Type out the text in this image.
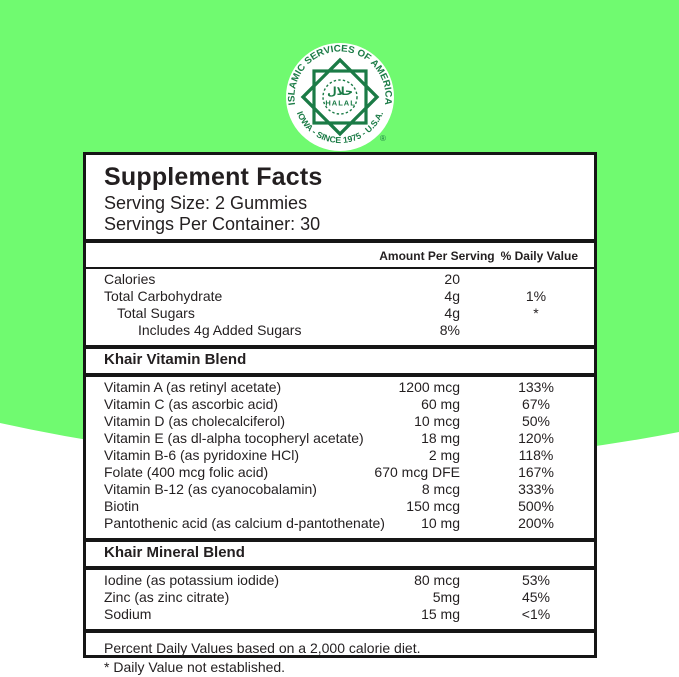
ISLAMIC SERVICES OF AMERICA
IOWA - SINCE 1975 - U.S.A.
حلال
HALAL
®
Supplement Facts
Serving Size: 2 Gummies
Servings Per Container: 30
Amount Per Serving % Daily Value
Calories	20
Total Carbohydrate	4g	1%
Total Sugars	4g	*
Includes 4g Added Sugars	8%
Khair Vitamin Blend
Vitamin A (as retinyl acetate)	1200 mcg	133%
Vitamin C (as ascorbic acid)	60 mg	67%
Vitamin D (as cholecalciferol)	10 mcg	50%
Vitamin E (as dl-alpha tocopheryl acetate)	18 mg	120%
Vitamin B-6 (as pyridoxine HCl)	2 mg	118%
Folate (400 mcg folic acid)	670 mcg DFE	167%
Vitamin B-12 (as cyanocobalamin)	8 mcg	333%
Biotin	150 mcg	500%
Pantothenic acid (as calcium d-pantothenate)	10 mg	200%
Khair Mineral Blend
Iodine (as potassium iodide)	80 mcg	53%
Zinc (as zinc citrate)	5mg	45%
Sodium	15 mg	<1%
Percent Daily Values based on a 2,000 calorie diet.
* Daily Value not established.
